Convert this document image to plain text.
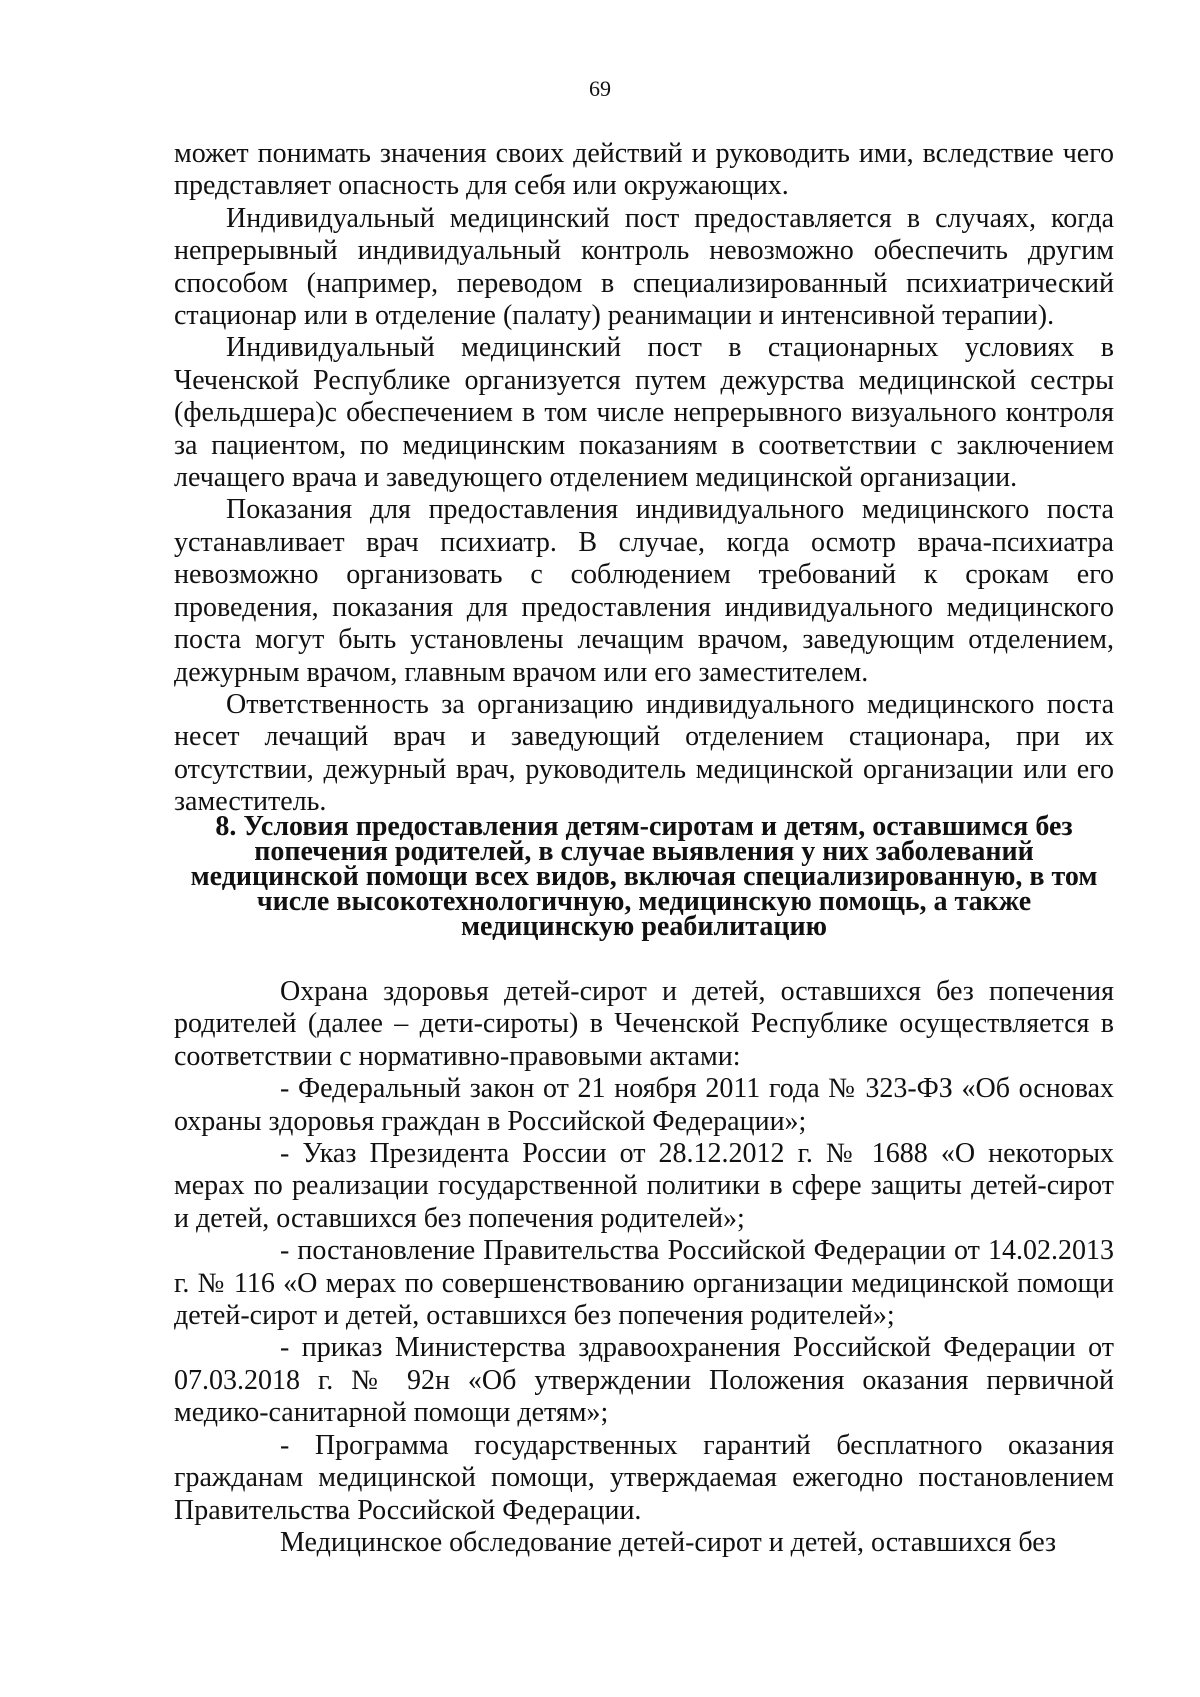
69

может понимать значения своих действий и руководить ими, вследствие чего представляет опасность для себя или окружающих.

Индивидуальный медицинский пост предоставляется в случаях, когда непрерывный индивидуальный контроль невозможно обеспечить другим способом (например, переводом в специализированный психиатрический стационар или в отделение (палату) реанимации и интенсивной терапии).

Индивидуальный медицинский пост в стационарных условиях в Чеченской Республике организуется путем дежурства медицинской сестры (фельдшера)с обеспечением в том числе непрерывного визуального контроля за пациентом, по медицинским показаниям в соответствии с заключением лечащего врача и заведующего отделением медицинской организации.

Показания для предоставления индивидуального медицинского поста устанавливает врач психиатр. В случае, когда осмотр врача-психиатра невозможно организовать с соблюдением требований к срокам его проведения, показания для предоставления индивидуального медицинского поста могут быть установлены лечащим врачом, заведующим отделением, дежурным врачом, главным врачом или его заместителем.

Ответственность за организацию индивидуального медицинского поста несет лечащий врач и заведующий отделением стационара, при их отсутствии, дежурный врач, руководитель медицинской организации или его заместитель.

8. Условия предоставления детям-сиротам и детям, оставшимся без
попечения родителей, в случае выявления у них заболеваний
медицинской помощи всех видов, включая специализированную, в том
числе высокотехнологичную, медицинскую помощь, а также
медицинскую реабилитацию

Охрана здоровья детей-сирот и детей, оставшихся без попечения родителей (далее – дети-сироты) в Чеченской Республике осуществляется в соответствии с нормативно-правовыми актами:

- Федеральный закон от 21 ноября 2011 года № 323-ФЗ «Об основах охраны здоровья граждан в Российской Федерации»;

- Указ Президента России от 28.12.2012 г. № 1688 «О некоторых мерах по реализации государственной политики в сфере защиты детей-сирот и детей, оставшихся без попечения родителей»;

- постановление Правительства Российской Федерации от 14.02.2013 г. № 116 «О мерах по совершенствованию организации медицинской помощи детей-сирот и детей, оставшихся без попечения родителей»;

- приказ Министерства здравоохранения Российской Федерации от 07.03.2018 г. № 92н «Об утверждении Положения оказания первичной медико-санитарной помощи детям»;

- Программа государственных гарантий бесплатного оказания гражданам медицинской помощи, утверждаемая ежегодно постановлением Правительства Российской Федерации.

Медицинское обследование детей-сирот и детей, оставшихся без
